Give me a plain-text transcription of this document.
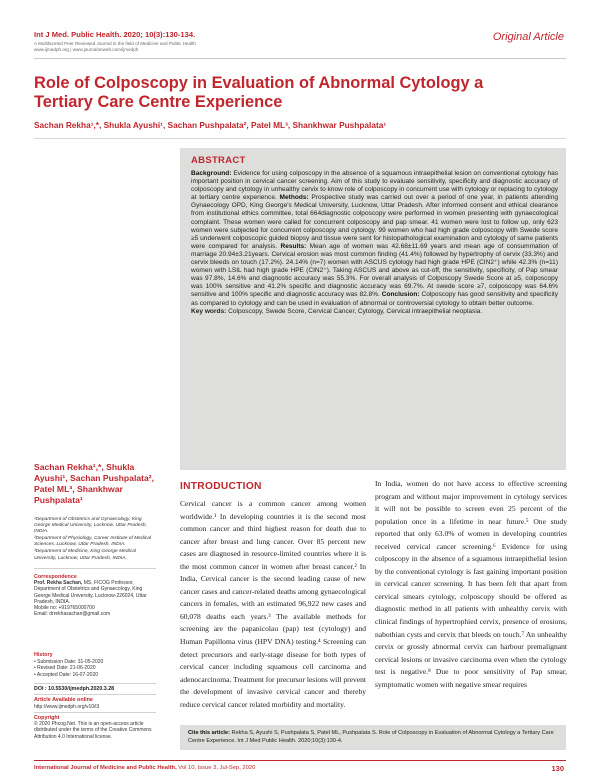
Int J Med. Public Health. 2020; 10(3):130-134.
A Multifaceted Peer Reviewed Journal in the field of Medicine and Public Health
www.ijmedph.org | www.journalonweb.com/ijmedph
Original Article
Role of Colposcopy in Evaluation of Abnormal Cytology a Tertiary Care Centre Experience
Sachan Rekha¹,*, Shukla Ayushi¹, Sachan Pushpalata², Patel ML³, Shankhwar Pushpalata¹
ABSTRACT
Background: Evidence for using colposcopy in the absence of a squamous intraepithelial lesion on conventional cytology has important position in cervical cancer screening. Aim of this study to evaluate sensitivity, specificity and diagnostic accuracy of colposcopy and cytology in unhealthy cervix to know role of colposcopy in concurrent use with cytology or replacing to cytology at tertiary centre experience. Methods: Prospective study was carried out over a period of one year, in patients attending Gynaecology OPD, King George's Medical University, Lucknow, Uttar Pradesh. After informed consent and ethical clearance from institutional ethics committee, total 664diagnostic colposcopy were performed in women presenting with gynaecological complaint. These women were called for concurrent colposcopy and pap smear. 41 women were lost to follow up, only 623 women were subjected for concurrent colposcopy and cytology. 99 women who had high grade colposcopy with Swede score ≥5 underwent colposcopic guided biopsy and tissue were sent for histopathological examination and cytology of same patients were compared for analysis. Results: Mean age of women was 42.68±11.69 years and mean age of consummation of marriage 20.94±3.21years. Cervical erosion was most common finding (41.4%) followed by hypertrophy of cervix (33.3%) and cervix bleeds on touch (17.2%). 24.14% (n=7) women with ASCUS cytology had high grade HPE (CIN2⁺) while 42.3% (n=11) women with LSIL had high grade HPE (CIN2⁺). Taking ASCUS and above as cut-off, the sensitivity, specificity, of Pap smear was 97.8%, 14.6% and diagnostic accuracy was 55.3%. For overall analysis of Colposcopy Swede Score at ≥5, colposcopy was 100% sensitive and 41.2% specific and diagnostic accuracy was 69.7%. At swede score ≥7, colposcopy was 64.6% sensitive and 100% specific and diagnostic accuracy was 82.8%. Conclusion: Colposcopy has good sensitivity and specificity as compared to cytology and can be used in evaluation of abnormal or controversial cytology to obtain better outcome.
Key words: Colposcopy, Swede Score, Cervical Cancer, Cytology, Cervical intraepithelial neoplasia.
Sachan Rekha¹,*, Shukla Ayushi¹, Sachan Pushpalata², Patel ML³, Shankhwar Pushpalata¹

¹Department of Obstetrics and Gynaecology, King George Medical University, Lucknow, Uttar Pradesh, INDIA.

²Department of Physiology, Career Institute of Medical Sciences, Lucknow, Uttar Pradesh, INDIA.

³Department of Medicine, King George Medical University, Lucknow, Uttar Pradesh, INDIA.

Correspondence
Prof. Rekha Sachan, MS, FICOG Professor, Department of Obstetrics and Gynaecology, King George Medical University, Lucknow-226024, Uttar Pradesh, INDIA.
Mobile no: +919765000700
Email: drrekhasachan@gmail.com
History
• Submission Date: 31-05-2020
• Revised Date: 21-06-2020
• Accepted Date: 16-07-2020
DOI : 10.5530/ijmedph.2020.3.28
Article Available online
http://www.ijmedph.org/v10/i3
Copyright
© 2020 Phcog.Net. This is an open-access article distributed under the terms of the Creative Commons Attribution 4.0 International license.
INTRODUCTION
Cervical cancer is a common cancer among women worldwide.¹ In developing countries it is the second most common cancer and third highest reason for death due to cancer after breast and lung cancer. Over 85 percent new cases are diagnosed in resource-limited countries where it is the most common cancer in women after breast cancer.² In India, Cervical cancer is the second leading cause of new cancer cases and cancer-related deaths among gynaecological cancers in females, with an estimated 96,922 new cases and 60,078 deaths each years.³ The available methods for screening are the papanicolau (pap) test (cytology) and Human Papilloma virus (HPV DNA) testing.⁴ Screening can detect precursors and early-stage disease for both types of cervical cancer including squamous cell carcinoma and adenocarcinoma. Treatment for precursor lesions will prevent the development of invasive cervical cancer and thereby reduce cervical cancer related morbidity and mortality.
In India, women do not have access to effective screening program and without major improvement in cytology services it will not be possible to screen even 25 percent of the population once in a lifetime in near future.⁵ One study reported that only 63.0% of women in developing countries received cervical cancer screening.⁶ Evidence for using colposcopy in the absence of a squamous intraepithelial lesion by the conventional cytology is fast gaining important position in cervical cancer screening. It has been felt that apart from cervical smears cytology, colposcopy should be offered as diagnostic method in all patients with unhealthy cervix with clinical findings of hypertrophied cervix, presence of erosions, nabothian cysts and cervix that bleeds on touch.⁷ An unhealthy cervix or grossly abnormal cervix can harbour premalignant cervical lesions or invasive carcinoma even when the cytology test is negative.⁸ Due to poor sensitivity of Pap smear, symptomatic women with negative smear requires
Cite this article: Rekha S, Ayushi S, Pushpalata S, Patel ML, Pushpalata S. Role of Colposcopy in Evaluation of Abnormal Cytology a Tertiary Care Centre Experience. Int J Med Public Health. 2020;10(3):130-4.
International Journal of Medicine and Public Health, Vol 10, Issue 3, Jul-Sep, 2020	130
